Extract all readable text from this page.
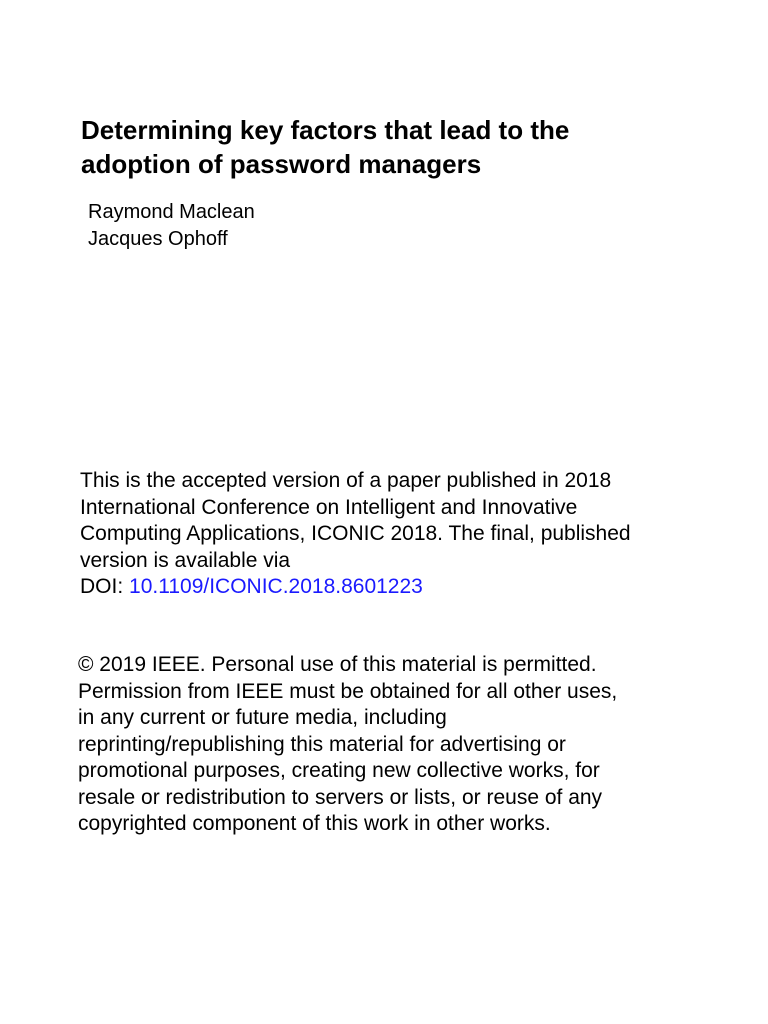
Determining key factors that lead to the
adoption of password managers
Raymond Maclean
Jacques Ophoff
This is the accepted version of a paper published in 2018
International Conference on Intelligent and Innovative
Computing Applications, ICONIC 2018. The final, published
version is available via
DOI: 10.1109/ICONIC.2018.8601223
© 2019 IEEE. Personal use of this material is permitted.
Permission from IEEE must be obtained for all other uses,
in any current or future media, including
reprinting/republishing this material for advertising or
promotional purposes, creating new collective works, for
resale or redistribution to servers or lists, or reuse of any
copyrighted component of this work in other works.
